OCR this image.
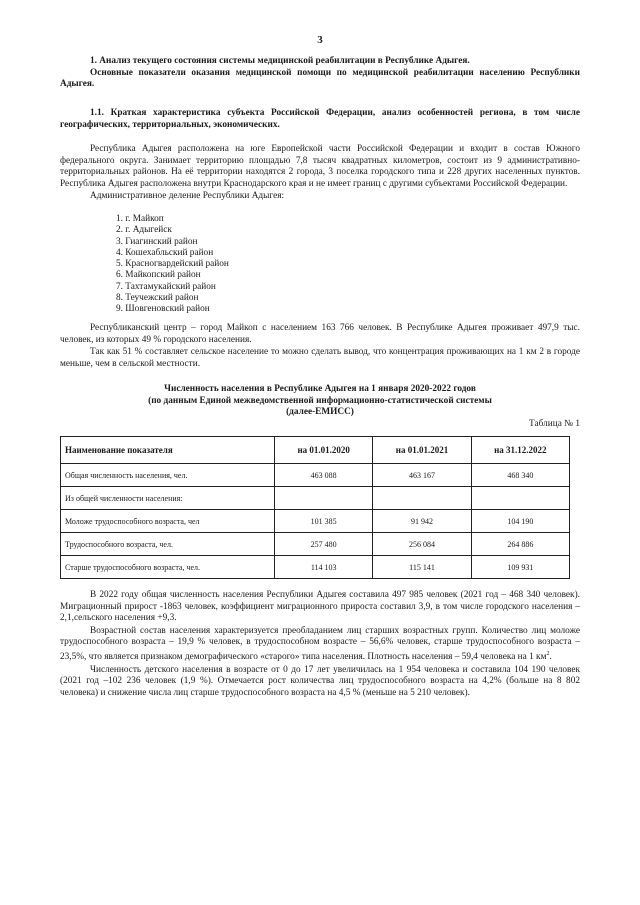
3
1. Анализ текущего состояния системы медицинской реабилитации в Республике Адыгея.
Основные показатели оказания медицинской помощи по медицинской реабилитации населению Республики Адыгея.
1.1. Краткая характеристика субъекта Российской Федерации, анализ особенностей региона, в том числе географических, территориальных, экономических.

Республика Адыгея расположена на юге Европейской части Российской Федерации и входит в состав Южного федерального округа. Занимает территорию площадью 7,8 тысяч квадратных километров, состоит из 9 административно-территориальных районов. На её территории находятся 2 города, 3 поселка городского типа и 228 других населенных пунктов. Республика Адыгея расположена внутри Краснодарского края и не имеет границ с другими субъектами Российской Федерации.

Административное деление Республики Адыгея:

1. г. Майкоп
2. г. Адыгейск
3. Гиагинский район
4. Кошехабльский район
5. Красногвардейский район
6. Майкопский район
7. Тахтамукайский район
8. Теучежский район
9. Шовгеновский район

Республиканский центр – город Майкоп с населением 163 766 человек. В Республике Адыгея проживает 497,9 тыс. человек, из которых 49 % городского населения.

Так как 51 % составляет сельское население то можно сделать вывод, что концентрация проживающих на 1 км 2 в городе меньше, чем в сельской местности.

Численность населения в Республике Адыгея на 1 января 2020-2022 годов
(по данным Единой межведомственной информационно-статистической системы
(далее-ЕМИСС)
Таблица № 1
Наименование показателя	на 01.01.2020	на 01.01.2021	на 31.12.2022
Общая численность населения, чел.	463 088	463 167	468 340
Из общей численности населения:			
Моложе трудоспособного возраста, чел	101 385	91 942	104 190
Трудоспособного возраста, чел.	257 480	256 084	264 886
Старше трудоспособного возраста, чел.	114 103	115 141	109 931

В 2022 году общая численность населения Республики Адыгея составила 497 985 человек (2021 год – 468 340 человек). Миграционный прирост -1863 человек, коэффициент миграционного прироста составил 3,9, в том числе городского населения –2,1,сельского населения +9,3.

Возрастной состав населения характеризуется преобладанием лиц старших возрастных групп. Количество лиц моложе трудоспособного возраста – 19,9 % человек, в трудоспособном возрасте – 56,6% человек, старше трудоспособного возраста – 23,5%, что является признаком демографического «старого» типа населения. Плотность населения – 59,4 человека на 1 $км^2$.

Численность детского населения в возрасте от 0 до 17 лет увеличилась на 1 954 человека и составила 104 190 человек (2021 год –102 236 человек (1,9 %). Отмечается рост количества лиц трудоспособного возраста на 4,2% (больше на 8 802 человека) и снижение числа лиц старше трудоспособного возраста на 4,5 % (меньше на 5 210 человек).
